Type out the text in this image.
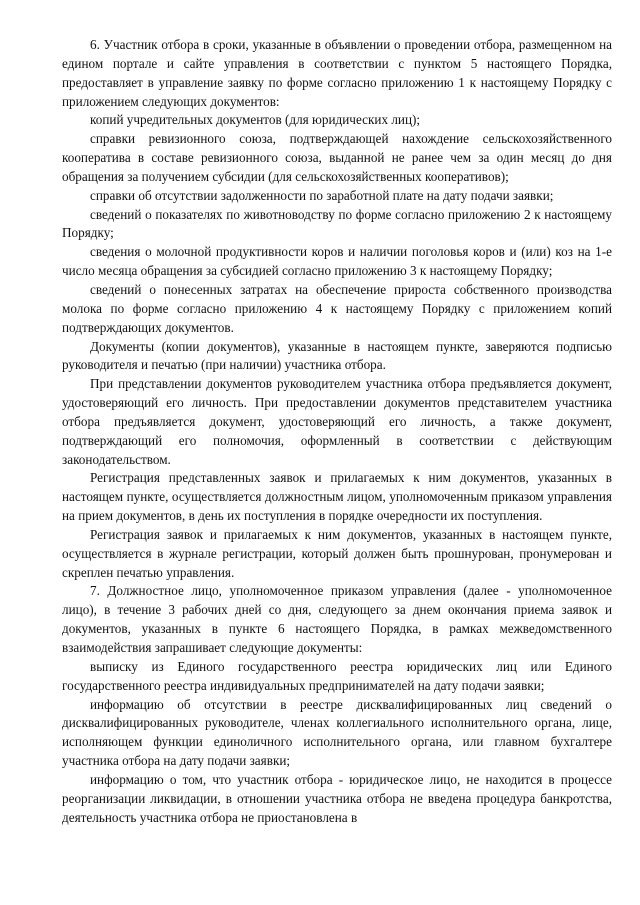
6. Участник отбора в сроки, указанные в объявлении о проведении отбора, размещенном на едином портале и сайте управления в соответствии с пунктом 5 настоящего Порядка, предоставляет в управление заявку по форме согласно приложению 1 к настоящему Порядку с приложением следующих документов:

копий учредительных документов (для юридических лиц);

справки ревизионного союза, подтверждающей нахождение сельскохозяйственного кооператива в составе ревизионного союза, выданной не ранее чем за один месяц до дня обращения за получением субсидии (для сельскохозяйственных кооперативов);

справки об отсутствии задолженности по заработной плате на дату подачи заявки;

сведений о показателях по животноводству по форме согласно приложению 2 к настоящему Порядку;

сведения о молочной продуктивности коров и наличии поголовья коров и (или) коз на 1-е число месяца обращения за субсидией согласно приложению 3 к настоящему Порядку;

сведений о понесенных затратах на обеспечение прироста собственного производства молока по форме согласно приложению 4 к настоящему Порядку с приложением копий подтверждающих документов.

Документы (копии документов), указанные в настоящем пункте, заверяются подписью руководителя и печатью (при наличии) участника отбора.

При представлении документов руководителем участника отбора предъявляется документ, удостоверяющий его личность. При предоставлении документов представителем участника отбора предъявляется документ, удостоверяющий его личность, а также документ, подтверждающий его полномочия, оформленный в соответствии с действующим законодательством.

Регистрация представленных заявок и прилагаемых к ним документов, указанных в настоящем пункте, осуществляется должностным лицом, уполномоченным приказом управления на прием документов, в день их поступления в порядке очередности их поступления.

Регистрация заявок и прилагаемых к ним документов, указанных в настоящем пункте, осуществляется в журнале регистрации, который должен быть прошнурован, пронумерован и скреплен печатью управления.

7. Должностное лицо, уполномоченное приказом управления (далее - уполномоченное лицо), в течение 3 рабочих дней со дня, следующего за днем окончания приема заявок и документов, указанных в пункте 6 настоящего Порядка, в рамках межведомственного взаимодействия запрашивает следующие документы:

выписку из Единого государственного реестра юридических лиц или Единого государственного реестра индивидуальных предпринимателей на дату подачи заявки;

информацию об отсутствии в реестре дисквалифицированных лиц сведений о дисквалифицированных руководителе, членах коллегиального исполнительного органа, лице, исполняющем функции единоличного исполнительного органа, или главном бухгалтере участника отбора на дату подачи заявки;

информацию о том, что участник отбора - юридическое лицо, не находится в процессе реорганизации ликвидации, в отношении участника отбора не введена процедура банкротства, деятельность участника отбора не приостановлена в
